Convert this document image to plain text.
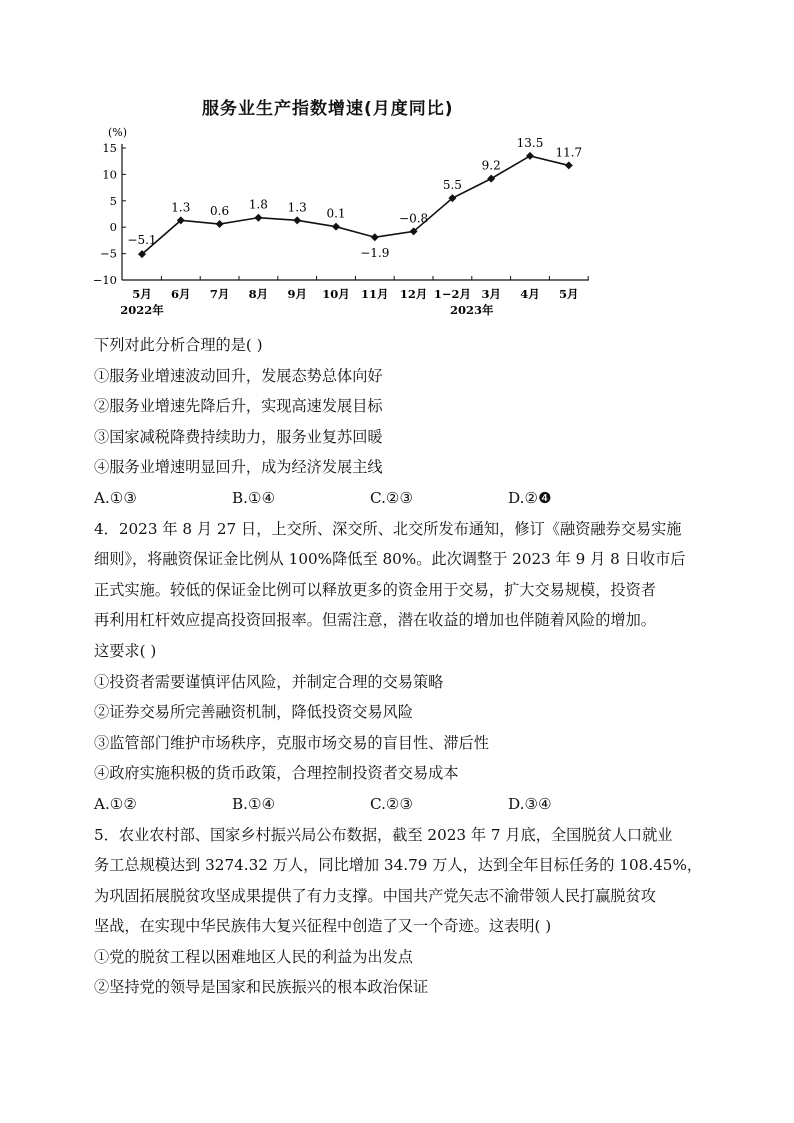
服务业生产指数增速(月度同比)
(%)
15
10
5
0
−5
−10
5月 6月 7月 8月 9月 10月 11月 12月 1−2月 3月 4月 5月
2022年	2023年
−5.1
1.3 0.6 1.8 1.3 0.1
−1.9
−0.8
5.5
9.2
13.5
11.7
下列对此分析合理的是( )
①服务业增速波动回升，发展态势总体向好
②服务业增速先降后升，实现高速发展目标
③国家减税降费持续助力，服务业复苏回暖
④服务业增速明显回升，成为经济发展主线
A.①③	B.①④	C.②③	D.②❹
4．2023 年 8 月 27 日，上交所、深交所、北交所发布通知，修订《融资融券交易实施
细则》，将融资保证金比例从 100%降低至 80%。此次调整于 2023 年 9 月 8 日收市后
正式实施。较低的保证金比例可以释放更多的资金用于交易，扩大交易规模，投资者
再利用杠杆效应提高投资回报率。但需注意，潜在收益的增加也伴随着风险的增加。
这要求( )
①投资者需要谨慎评估风险，并制定合理的交易策略
②证券交易所完善融资机制，降低投资交易风险
③监管部门维护市场秩序，克服市场交易的盲目性、滞后性
④政府实施积极的货币政策，合理控制投资者交易成本
A.①②	B.①④	C.②③	D.③④
5．农业农村部、国家乡村振兴局公布数据，截至 2023 年 7 月底，全国脱贫人口就业
务工总规模达到 3274.32 万人，同比增加 34.79 万人，达到全年目标任务的 108.45%，
为巩固拓展脱贫攻坚成果提供了有力支撑。中国共产党矢志不渝带领人民打赢脱贫攻
坚战，在实现中华民族伟大复兴征程中创造了又一个奇迹。这表明( )
①党的脱贫工程以困难地区人民的利益为出发点
②坚持党的领导是国家和民族振兴的根本政治保证
